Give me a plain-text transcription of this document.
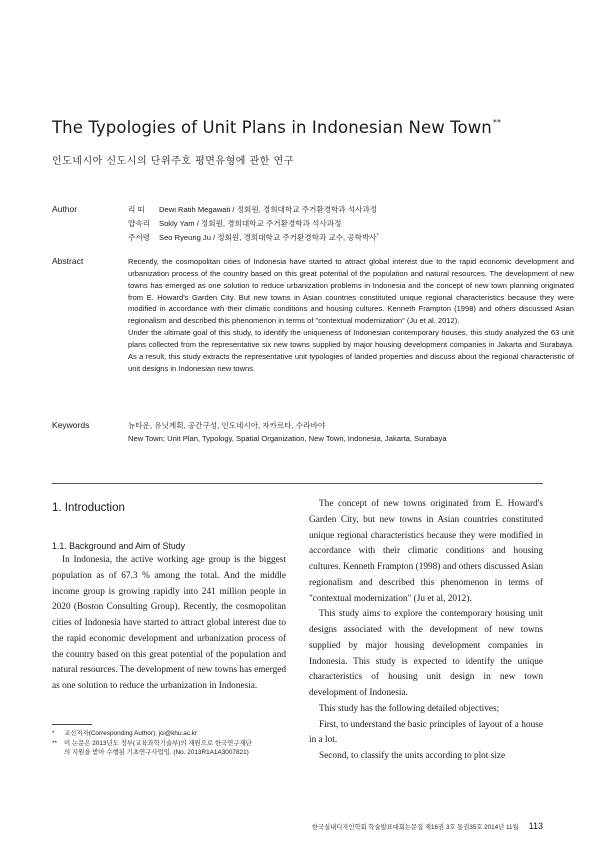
The Typologies of Unit Plans in Indonesian New Town**
인도네시아 신도시의 단위주호 평면유형에 관한 연구
Author	리 띠 Dewi Ratih Megawati / 정회원, 경희대학교 주거환경학과 석사과정
얍속리 Sokly Yam / 정회원, 경희대학교 주거환경학과 석사과정
주서령 Seo Ryeung Ju / 정회원, 경희대학교 주거환경학과 교수, 공학박사*
Abstract	Recently, the cosmopolitan cities of Indonesia have started to attract global interest due to the rapid economic development and urbanization process of the country based on this great potential of the population and natural resources. The development of new towns has emerged as one solution to reduce urbanization problems in Indonesia and the concept of new town planning originated from E. Howard's Garden City. But new towns in Asian countries constituted unique regional characteristics because they were modified in accordance with their climatic conditions and housing cultures. Kenneth Frampton (1998) and others discussed Asian regionalism and described this phenomenon in terms of "contextual modernization" (Ju et al, 2012).

Under the ultimate goal of this study, to identify the uniqueness of Indonesian contemporary houses, this study analyzed the 63 unit plans collected from the representative six new towns supplied by major housing development companies in Jakarta and Surabaya. As a result, this study extracts the representative unit typologies of landed properties and discuss about the regional characteristic of unit designs in Indonesian new towns.

Keywords	뉴타운, 유닛계획, 공간구성, 인도네시아, 자카르타, 수라바야
New Town; Unit Plan, Typology, Spatial Organization, New Town, Indonesia, Jakarta, Surabaya
1. Introduction
1.1. Background and Aim of Study

In Indonesia, the active working age group is the biggest population as of 67.3 % among the total. And the middle income group is growing rapidly into 241 million people in 2020 (Boston Consulting Group). Recently, the cosmopolitan cities of Indonesia have started to attract global interest due to the rapid economic development and urbanization process of the country based on this great potential of the population and natural resources. The development of new towns has emerged as one solution to reduce the urbanization in Indonesia.

The concept of new towns originated from E. Howard's Garden City, but new towns in Asian countries constituted unique regional characteristics because they were modified in accordance with their climatic conditions and housing cultures. Kenneth Frampton (1998) and others discussed Asian regionalism and described this phenomenon in terms of "contextual modernization" (Ju et al, 2012).

This study aims to explore the contemporary housing unit designs associated with the development of new towns supplied by major housing development companies in Indonesia. This study is expected to identify the unique characteristics of housing unit design in new town development of Indonesia.

This study has the following detailed objectives;

First, to understand the basic principles of layout of a house in a lot.

Second, to classify the units according to plot size

* 교신저자(Corresponding Author); jci@khu.ac.kr
** 이 논문은 2013년도 정부(교육과학기술부)의 재원으로 한국연구재단
의 지원을 받아 수행된 기초연구사업임. (No. 2013R1A1A3007821)
한국실내디자인학회 학술발표대회논문집 제16권 3호 통권35호 2014년 11월 113
